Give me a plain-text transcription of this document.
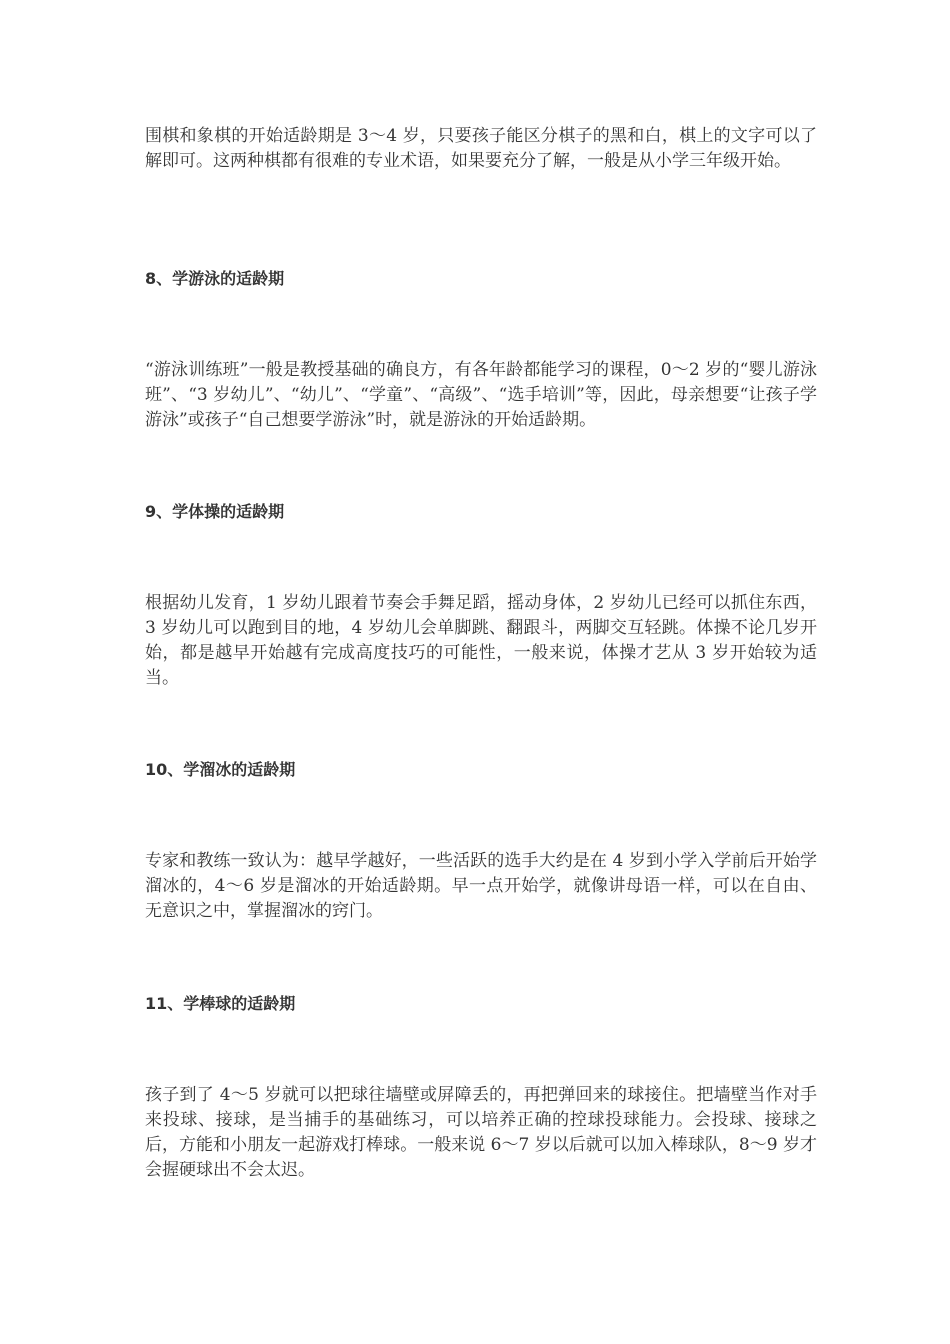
围棋和象棋的开始适龄期是 3～4 岁，只要孩子能区分棋子的黑和白，棋上的文字可以了解即可。这两种棋都有很难的专业术语，如果要充分了解，一般是从小学三年级开始。

8、学游泳的适龄期

“游泳训练班”一般是教授基础的确良方，有各年龄都能学习的课程，0～2 岁的“婴儿游泳班”、“3 岁幼儿”、“幼儿”、“学童”、“高级”、“选手培训”等，因此，母亲想要“让孩子学游泳”或孩子“自己想要学游泳”时，就是游泳的开始适龄期。

9、学体操的适龄期

根据幼儿发育，1 岁幼儿跟着节奏会手舞足蹈，摇动身体，2 岁幼儿已经可以抓住东西，3 岁幼儿可以跑到目的地，4 岁幼儿会单脚跳、翻跟斗，两脚交互轻跳。体操不论几岁开始，都是越早开始越有完成高度技巧的可能性，一般来说，体操才艺从 3 岁开始较为适当。

10、学溜冰的适龄期

专家和教练一致认为：越早学越好，一些活跃的选手大约是在 4 岁到小学入学前后开始学溜冰的，4～6 岁是溜冰的开始适龄期。早一点开始学，就像讲母语一样，可以在自由、无意识之中，掌握溜冰的窍门。

11、学棒球的适龄期

孩子到了 4～5 岁就可以把球往墙壁或屏障丢的，再把弹回来的球接住。把墙壁当作对手来投球、接球，是当捕手的基础练习，可以培养正确的控球投球能力。会投球、接球之后，方能和小朋友一起游戏打棒球。一般来说 6～7 岁以后就可以加入棒球队，8～9 岁才会握硬球出不会太迟。
